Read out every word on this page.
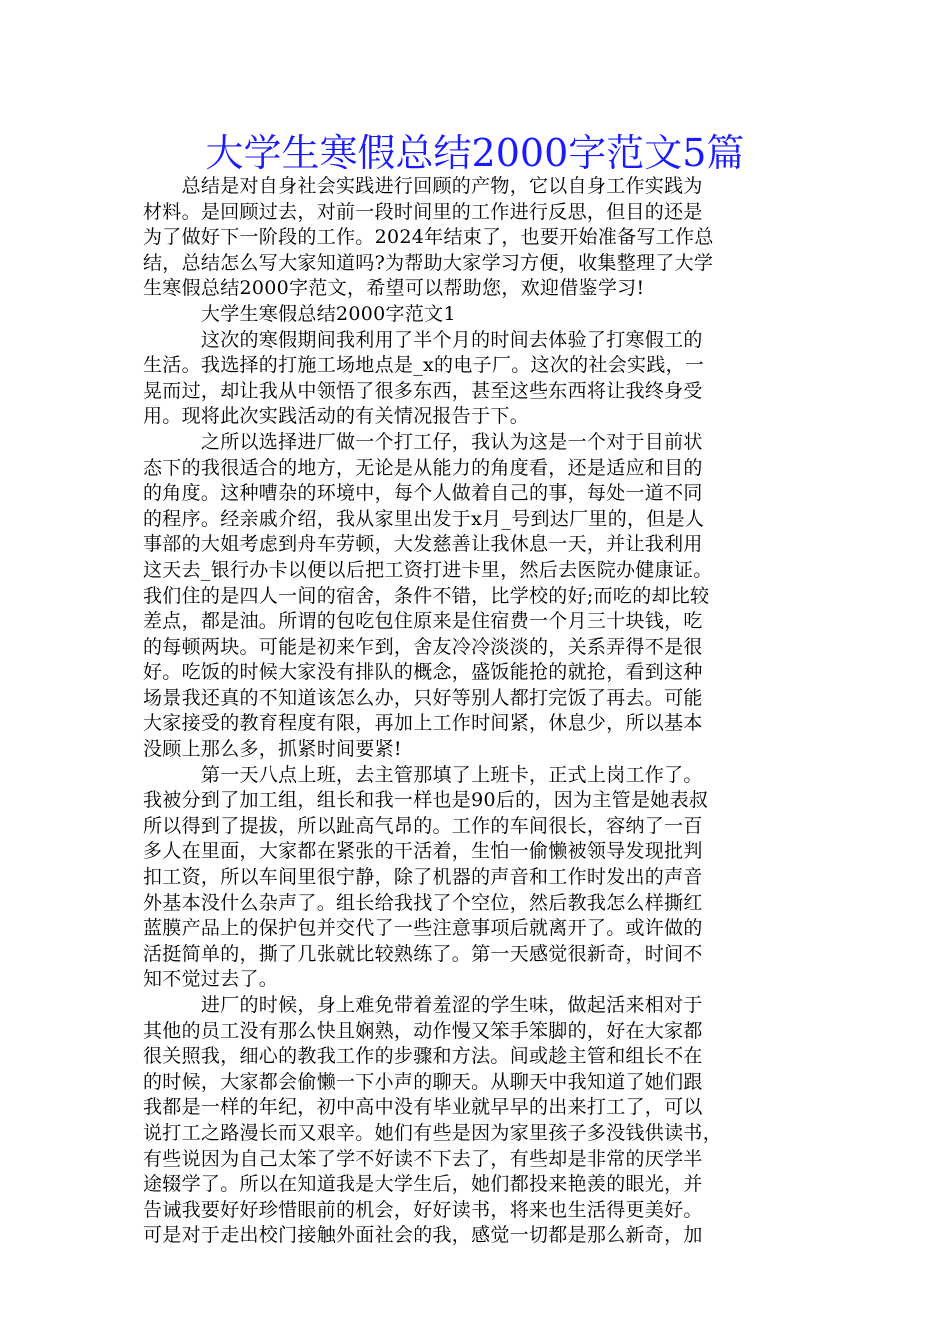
大学生寒假总结2000字范文5篇
　　总结是对自身社会实践进行回顾的产物，它以自身工作实践为
材料。是回顾过去，对前一段时间里的工作进行反思，但目的还是
为了做好下一阶段的工作。2024年结束了，也要开始准备写工作总
结，总结怎么写大家知道吗?为帮助大家学习方便，收集整理了大学
生寒假总结2000字范文，希望可以帮助您，欢迎借鉴学习!
　　　大学生寒假总结2000字范文1
　　　这次的寒假期间我利用了半个月的时间去体验了打寒假工的
生活。我选择的打施工场地点是_x的电子厂。这次的社会实践，一
晃而过，却让我从中领悟了很多东西，甚至这些东西将让我终身受
用。现将此次实践活动的有关情况报告于下。
　　　之所以选择进厂做一个打工仔，我认为这是一个对于目前状
态下的我很适合的地方，无论是从能力的角度看，还是适应和目的
的角度。这种嘈杂的环境中，每个人做着自己的事，每处一道不同
的程序。经亲戚介绍，我从家里出发于x月_号到达厂里的，但是人
事部的大姐考虑到舟车劳顿，大发慈善让我休息一天，并让我利用
这天去_银行办卡以便以后把工资打进卡里，然后去医院办健康证。
我们住的是四人一间的宿舍，条件不错，比学校的好;而吃的却比较
差点，都是油。所谓的包吃包住原来是住宿费一个月三十块钱，吃
的每顿两块。可能是初来乍到，舍友冷冷淡淡的，关系弄得不是很
好。吃饭的时候大家没有排队的概念，盛饭能抢的就抢，看到这种
场景我还真的不知道该怎么办，只好等别人都打完饭了再去。可能
大家接受的教育程度有限，再加上工作时间紧，休息少，所以基本
没顾上那么多，抓紧时间要紧!
　　　第一天八点上班，去主管那填了上班卡，正式上岗工作了。
我被分到了加工组，组长和我一样也是90后的，因为主管是她表叔
所以得到了提拔，所以趾高气昂的。工作的车间很长，容纳了一百
多人在里面，大家都在紧张的干活着，生怕一偷懒被领导发现批判
扣工资，所以车间里很宁静，除了机器的声音和工作时发出的声音
外基本没什么杂声了。组长给我找了个空位，然后教我怎么样撕红
蓝膜产品上的保护包并交代了一些注意事项后就离开了。或许做的
活挺简单的，撕了几张就比较熟练了。第一天感觉很新奇，时间不
知不觉过去了。
　　　进厂的时候，身上难免带着羞涩的学生味，做起活来相对于
其他的员工没有那么快且娴熟，动作慢又笨手笨脚的，好在大家都
很关照我，细心的教我工作的步骤和方法。间或趁主管和组长不在
的时候，大家都会偷懒一下小声的聊天。从聊天中我知道了她们跟
我都是一样的年纪，初中高中没有毕业就早早的出来打工了，可以
说打工之路漫长而又艰辛。她们有些是因为家里孩子多没钱供读书，
有些说因为自己太笨了学不好读不下去了，有些却是非常的厌学半
途辍学了。所以在知道我是大学生后，她们都投来艳羡的眼光，并
告诫我要好好珍惜眼前的机会，好好读书，将来也生活得更美好。
可是对于走出校门接触外面社会的我，感觉一切都是那么新奇，加
